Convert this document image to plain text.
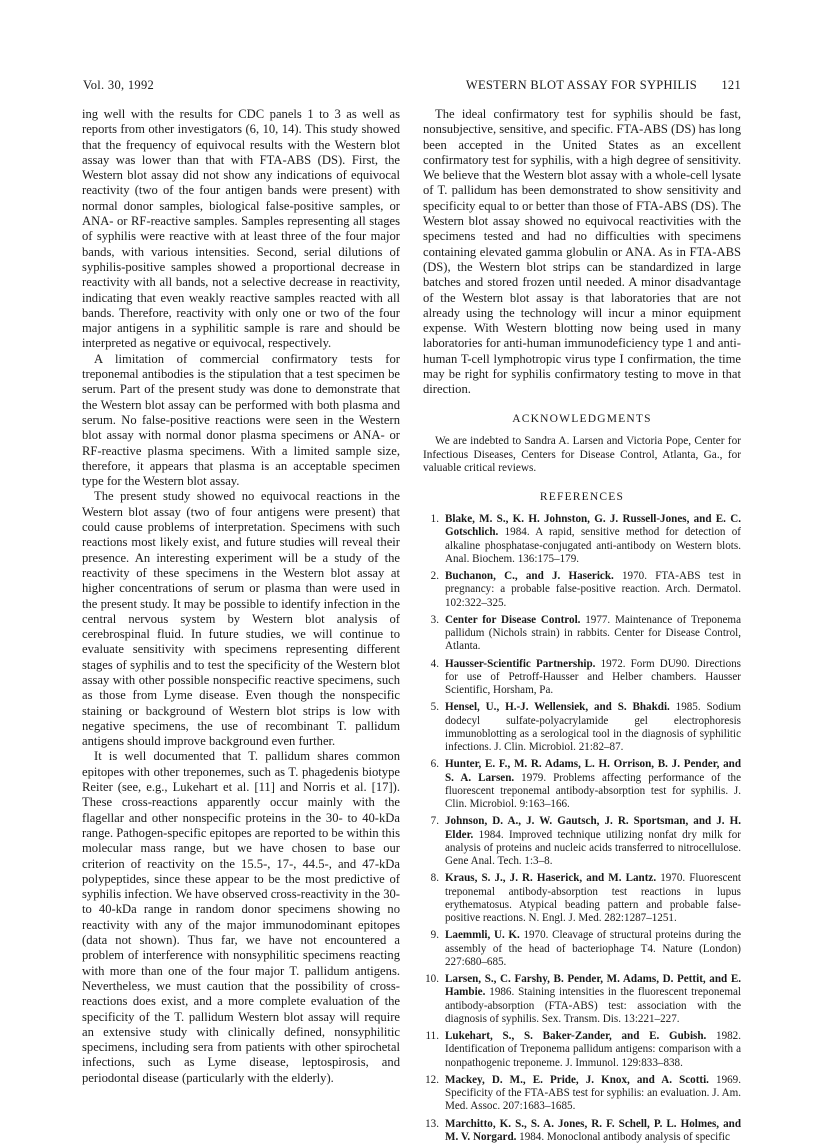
Vol. 30, 1992	WESTERN BLOT ASSAY FOR SYPHILIS 121

ing well with the results for CDC panels 1 to 3 as well as reports from other investigators (6, 10, 14). This study showed that the frequency of equivocal results with the Western blot assay was lower than that with FTA-ABS (DS). First, the Western blot assay did not show any indications of equivocal reactivity (two of the four antigen bands were present) with normal donor samples, biological false-positive samples, or ANA- or RF-reactive samples. Samples representing all stages of syphilis were reactive with at least three of the four major bands, with various intensities. Second, serial dilutions of syphilis-positive samples showed a proportional decrease in reactivity with all bands, not a selective decrease in reactivity, indicating that even weakly reactive samples reacted with all bands. Therefore, reactivity with only one or two of the four major antigens in a syphilitic sample is rare and should be interpreted as negative or equivocal, respectively.

A limitation of commercial confirmatory tests for treponemal antibodies is the stipulation that a test specimen be serum. Part of the present study was done to demonstrate that the Western blot assay can be performed with both plasma and serum. No false-positive reactions were seen in the Western blot assay with normal donor plasma specimens or ANA- or RF-reactive plasma specimens. With a limited sample size, therefore, it appears that plasma is an acceptable specimen type for the Western blot assay.

The present study showed no equivocal reactions in the Western blot assay (two of four antigens were present) that could cause problems of interpretation. Specimens with such reactions most likely exist, and future studies will reveal their presence. An interesting experiment will be a study of the reactivity of these specimens in the Western blot assay at higher concentrations of serum or plasma than were used in the present study. It may be possible to identify infection in the central nervous system by Western blot analysis of cerebrospinal fluid. In future studies, we will continue to evaluate sensitivity with specimens representing different stages of syphilis and to test the specificity of the Western blot assay with other possible nonspecific reactive specimens, such as those from Lyme disease. Even though the nonspecific staining or background of Western blot strips is low with negative specimens, the use of recombinant T. pallidum antigens should improve background even further.

It is well documented that T. pallidum shares common epitopes with other treponemes, such as T. phagedenis biotype Reiter (see, e.g., Lukehart et al. [11] and Norris et al. [17]). These cross-reactions apparently occur mainly with the flagellar and other nonspecific proteins in the 30- to 40-kDa range. Pathogen-specific epitopes are reported to be within this molecular mass range, but we have chosen to base our criterion of reactivity on the 15.5-, 17-, 44.5-, and 47-kDa polypeptides, since these appear to be the most predictive of syphilis infection. We have observed cross-reactivity in the 30- to 40-kDa range in random donor specimens showing no reactivity with any of the major immunodominant epitopes (data not shown). Thus far, we have not encountered a problem of interference with nonsyphilitic specimens reacting with more than one of the four major T. pallidum antigens. Nevertheless, we must caution that the possibility of cross-reactions does exist, and a more complete evaluation of the specificity of the T. pallidum Western blot assay will require an extensive study with clinically defined, nonsyphilitic specimens, including sera from patients with other spirochetal infections, such as Lyme disease, leptospirosis, and periodontal disease (particularly with the elderly).

The ideal confirmatory test for syphilis should be fast, nonsubjective, sensitive, and specific. FTA-ABS (DS) has long been accepted in the United States as an excellent confirmatory test for syphilis, with a high degree of sensitivity. We believe that the Western blot assay with a whole-cell lysate of T. pallidum has been demonstrated to show sensitivity and specificity equal to or better than those of FTA-ABS (DS). The Western blot assay showed no equivocal reactivities with the specimens tested and had no difficulties with specimens containing elevated gamma globulin or ANA. As in FTA-ABS (DS), the Western blot strips can be standardized in large batches and stored frozen until needed. A minor disadvantage of the Western blot assay is that laboratories that are not already using the technology will incur a minor equipment expense. With Western blotting now being used in many laboratories for anti-human immunodeficiency type 1 and anti-human T-cell lymphotropic virus type I confirmation, the time may be right for syphilis confirmatory testing to move in that direction.

ACKNOWLEDGMENTS

We are indebted to Sandra A. Larsen and Victoria Pope, Center for Infectious Diseases, Centers for Disease Control, Atlanta, Ga., for valuable critical reviews.

REFERENCES
1. Blake, M. S., K. H. Johnston, G. J. Russell-Jones, and E. C. Gotschlich. 1984. A rapid, sensitive method for detection of alkaline phosphatase-conjugated anti-antibody on Western blots. Anal. Biochem. 136:175–179.
2. Buchanon, C., and J. Haserick. 1970. FTA-ABS test in pregnancy: a probable false-positive reaction. Arch. Dermatol. 102:322–325.
3. Center for Disease Control. 1977. Maintenance of Treponema pallidum (Nichols strain) in rabbits. Center for Disease Control, Atlanta.
4. Hausser-Scientific Partnership. 1972. Form DU90. Directions for use of Petroff-Hausser and Helber chambers. Hausser Scientific, Horsham, Pa.
5. Hensel, U., H.-J. Wellensiek, and S. Bhakdi. 1985. Sodium dodecyl sulfate-polyacrylamide gel electrophoresis immunoblotting as a serological tool in the diagnosis of syphilitic infections. J. Clin. Microbiol. 21:82–87.
6. Hunter, E. F., M. R. Adams, L. H. Orrison, B. J. Pender, and S. A. Larsen. 1979. Problems affecting performance of the fluorescent treponemal antibody-absorption test for syphilis. J. Clin. Microbiol. 9:163–166.
7. Johnson, D. A., J. W. Gautsch, J. R. Sportsman, and J. H. Elder. 1984. Improved technique utilizing nonfat dry milk for analysis of proteins and nucleic acids transferred to nitrocellulose. Gene Anal. Tech. 1:3–8.
8. Kraus, S. J., J. R. Haserick, and M. Lantz. 1970. Fluorescent treponemal antibody-absorption test reactions in lupus erythematosus. Atypical beading pattern and probable false-positive reactions. N. Engl. J. Med. 282:1287–1251.
9. Laemmli, U. K. 1970. Cleavage of structural proteins during the assembly of the head of bacteriophage T4. Nature (London) 227:680–685.
10. Larsen, S., C. Farshy, B. Pender, M. Adams, D. Pettit, and E. Hambie. 1986. Staining intensities in the fluorescent treponemal antibody-absorption (FTA-ABS) test: association with the diagnosis of syphilis. Sex. Transm. Dis. 13:221–227.
11. Lukehart, S., S. Baker-Zander, and E. Gubish. 1982. Identification of Treponema pallidum antigens: comparison with a nonpathogenic treponeme. J. Immunol. 129:833–838.
12. Mackey, D. M., E. Pride, J. Knox, and A. Scotti. 1969. Specificity of the FTA-ABS test for syphilis: an evaluation. J. Am. Med. Assoc. 207:1683–1685.
13. Marchitto, K. S., S. A. Jones, R. F. Schell, P. L. Holmes, and M. V. Norgard. 1984. Monoclonal antibody analysis of specific
